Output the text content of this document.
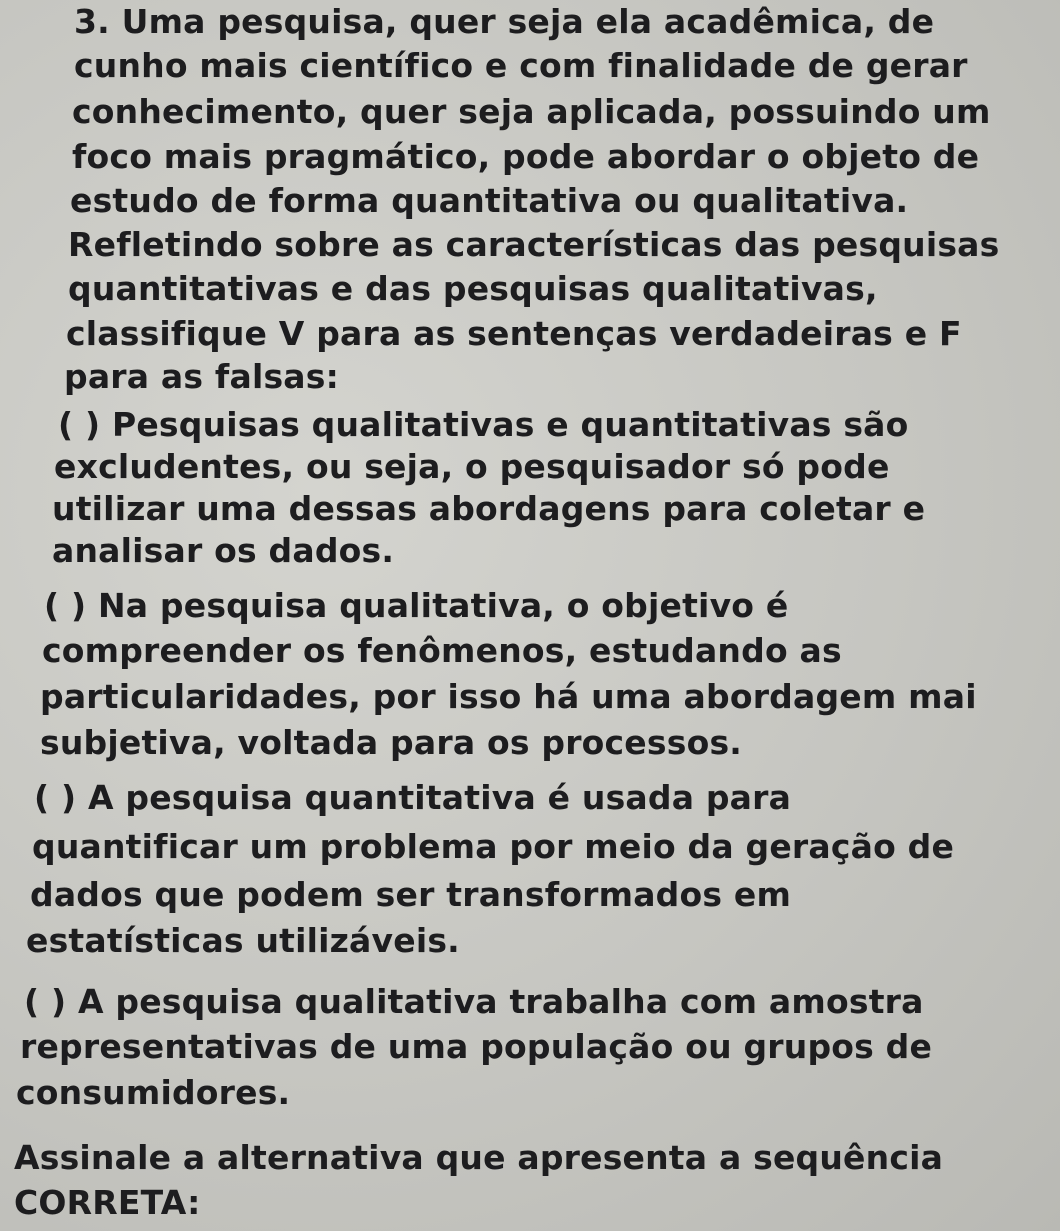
3. Uma pesquisa, quer seja ela acadêmica, de
cunho mais científico e com finalidade de gerar
conhecimento, quer seja aplicada, possuindo um
foco mais pragmático, pode abordar o objeto de
estudo de forma quantitativa ou qualitativa.
Refletindo sobre as características das pesquisas
quantitativas e das pesquisas qualitativas,
classifique V para as sentenças verdadeiras e F
para as falsas:
( ) Pesquisas qualitativas e quantitativas são
excludentes, ou seja, o pesquisador só pode
utilizar uma dessas abordagens para coletar e
analisar os dados.
( ) Na pesquisa qualitativa, o objetivo é
compreender os fenômenos, estudando as
particularidades, por isso há uma abordagem mai
subjetiva, voltada para os processos.
( ) A pesquisa quantitativa é usada para
quantificar um problema por meio da geração de
dados que podem ser transformados em
estatísticas utilizáveis.
( ) A pesquisa qualitativa trabalha com amostra
representativas de uma população ou grupos de
consumidores.
Assinale a alternativa que apresenta a sequência
CORRETA:
